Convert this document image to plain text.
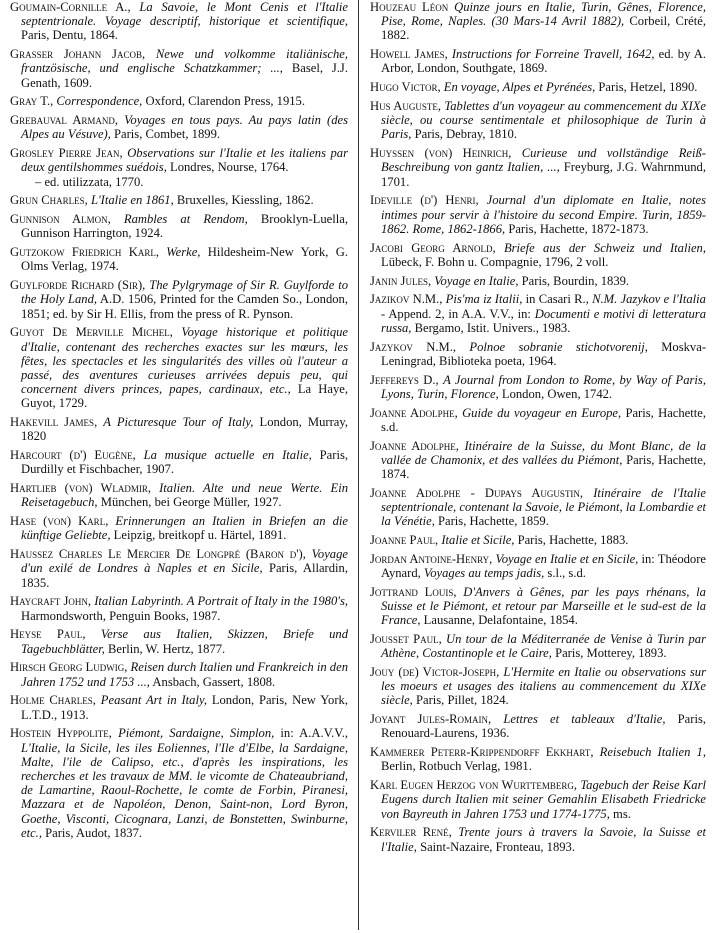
Goumain-Cornille A., La Savoie, le Mont Cenis et l'Italie septentrionale. Voyage descriptif, historique et scientifique, Paris, Dentu, 1864.

Grasser Johann Jacob, Newe und volkomme italiänische, frantzösische, und englische Schatzkammer; ..., Basel, J.J. Genath, 1609.

Gray T., Correspondence, Oxford, Clarendon Press, 1915.

Grebauval Armand, Voyages en tous pays. Au pays latin (des Alpes au Vésuve), Paris, Combet, 1899.

Grosley Pierre Jean, Observations sur l'Italie et les italiens par deux gentilshommes suédois, Londres, Nourse, 1764.
– ed. utilizzata, 1770.

Grun Charles, L'Italie en 1861, Bruxelles, Kiessling, 1862.

Gunnison Almon, Rambles at Rendom, Brooklyn-Luella, Gunnison Harrington, 1924.

Gutzokow Friedrich Karl, Werke, Hildesheim-New York, G. Olms Verlag, 1974.

Guylforde Richard (Sir), The Pylgrymage of Sir R. Guylforde to the Holy Land, A.D. 1506, Printed for the Camden So., London, 1851; ed. by Sir H. Ellis, from the press of R. Pynson.

Guyot De Merville Michel, Voyage historique et politique d'Italie, contenant des recherches exactes sur les mœurs, les fêtes, les spectacles et les singularités des villes où l'auteur a passé, des aventures curieuses arrivées depuis peu, qui concernent divers princes, papes, cardinaux, etc., La Haye, Guyot, 1729.

Hakevill James, A Picturesque Tour of Italy, London, Murray, 1820

Harcourt (d') Eugène, La musique actuelle en Italie, Paris, Durdilly et Fischbacher, 1907.

Hartlieb (von) Wladmir, Italien. Alte und neue Werte. Ein Reisetagebuch, München, bei George Müller, 1927.

Hase (von) Karl, Erinnerungen an Italien in Briefen an die künftige Geliebte, Leipzig, breitkopf u. Härtel, 1891.

Haussez Charles Le Mercier De Longpré (Baron d'), Voyage d'un exilé de Londres à Naples et en Sicile, Paris, Allardin, 1835.

Haycraft John, Italian Labyrinth. A Portrait of Italy in the 1980's, Harmondsworth, Penguin Books, 1987.

Heyse Paul, Verse aus Italien, Skizzen, Briefe und Tagebuchblätter, Berlin, W. Hertz, 1877.

Hirsch Georg Ludwig, Reisen durch Italien und Frankreich in den Jahren 1752 und 1753 ..., Ansbach, Gassert, 1808.

Holme Charles, Peasant Art in Italy, London, Paris, New York, L.T.D., 1913.

Hostein Hyppolite, Piémont, Sardaigne, Simplon, in: A.A.V.V., L'Italie, la Sicile, les iles Eoliennes, l'Ile d'Elbe, la Sardaigne, Malte, l'ile de Calipso, etc., d'après les inspirations, les recherches et les travaux de MM. le vicomte de Chateaubriand, de Lamartine, Raoul-Rochette, le comte de Forbin, Piranesi, Mazzara et de Napoléon, Denon, Saint-non, Lord Byron, Goethe, Visconti, Cicognara, Lanzi, de Bonstetten, Swinburne, etc., Paris, Audot, 1837.

Houzeau Léon Quinze jours en Italie, Turin, Gênes, Florence, Pise, Rome, Naples. (30 Mars-14 Avril 1882), Corbeil, Crété, 1882.

Howell James, Instructions for Forreine Travell, 1642, ed. by A. Arbor, London, Southgate, 1869.

Hugo Victor, En voyage, Alpes et Pyrénées, Paris, Hetzel, 1890.

Hus Auguste, Tablettes d'un voyageur au commencement du XIXe siècle, ou course sentimentale et philosophique de Turin à Paris, Paris, Debray, 1810.

Huyssen (von) Heinrich, Curieuse und vollständige Reiß-Beschreibung von gantz Italien, ..., Freyburg, J.G. Wahrnmund, 1701.

Ideville (d') Henri, Journal d'un diplomate en Italie, notes intimes pour servir à l'histoire du second Empire. Turin, 1859-1862. Rome, 1862-1866, Paris, Hachette, 1872-1873.

Jacobi Georg Arnold, Briefe aus der Schweiz und Italien, Lübeck, F. Bohn u. Compagnie, 1796, 2 voll.

Janin Jules, Voyage en Italie, Paris, Bourdin, 1839.

Jazikov N.M., Pis'ma iz Italii, in Casari R., N.M. Jazykov e l'Italia - Append. 2, in A.A. V.V., in: Documenti e motivi di letteratura russa, Bergamo, Istit. Univers., 1983.

Jazykov N.M., Polnoe sobranie stichotvorenij, Moskva-Leningrad, Biblioteka poeta, 1964.

Jeffereys D., A Journal from London to Rome, by Way of Paris, Lyons, Turin, Florence, London, Owen, 1742.

Joanne Adolphe, Guide du voyageur en Europe, Paris, Hachette, s.d.

Joanne Adolphe, Itinéraire de la Suisse, du Mont Blanc, de la vallée de Chamonix, et des vallées du Piémont, Paris, Hachette, 1874.

Joanne Adolphe - Dupays Augustin, Itinéraire de l'Italie septentrionale, contenant la Savoie, le Piémont, la Lombardie et la Vénétie, Paris, Hachette, 1859.

Joanne Paul, Italie et Sicile, Paris, Hachette, 1883.

Jordan Antoine-Henry, Voyage en Italie et en Sicile, in: Théodore Aynard, Voyages au temps jadis, s.l., s.d.

Jottrand Louis, D'Anvers à Gênes, par les pays rhénans, la Suisse et le Piémont, et retour par Marseille et le sud-est de la France, Lausanne, Delafontaine, 1854.

Jousset Paul, Un tour de la Méditerranée de Venise à Turin par Athène, Costantinople et le Caire, Paris, Motterey, 1893.

Jouy (de) Victor-Joseph, L'Hermite en Italie ou observations sur les moeurs et usages des italiens au commencement du XIXe siècle, Paris, Pillet, 1824.

Joyant Jules-Romain, Lettres et tableaux d'Italie, Paris, Renouard-Laurens, 1936.

Kammerer Peterr-Krippendorff Ekkhart, Reisebuch Italien 1, Berlin, Rotbuch Verlag, 1981.

Karl Eugen Herzog von Wurttemberg, Tagebuch der Reise Karl Eugens durch Italien mit seiner Gemahlin Elisabeth Friedricke von Bayreuth in Jahren 1753 und 1774-1775, ms.

Kerviler René, Trente jours à travers la Savoie, la Suisse et l'Italie, Saint-Nazaire, Fronteau, 1893.
